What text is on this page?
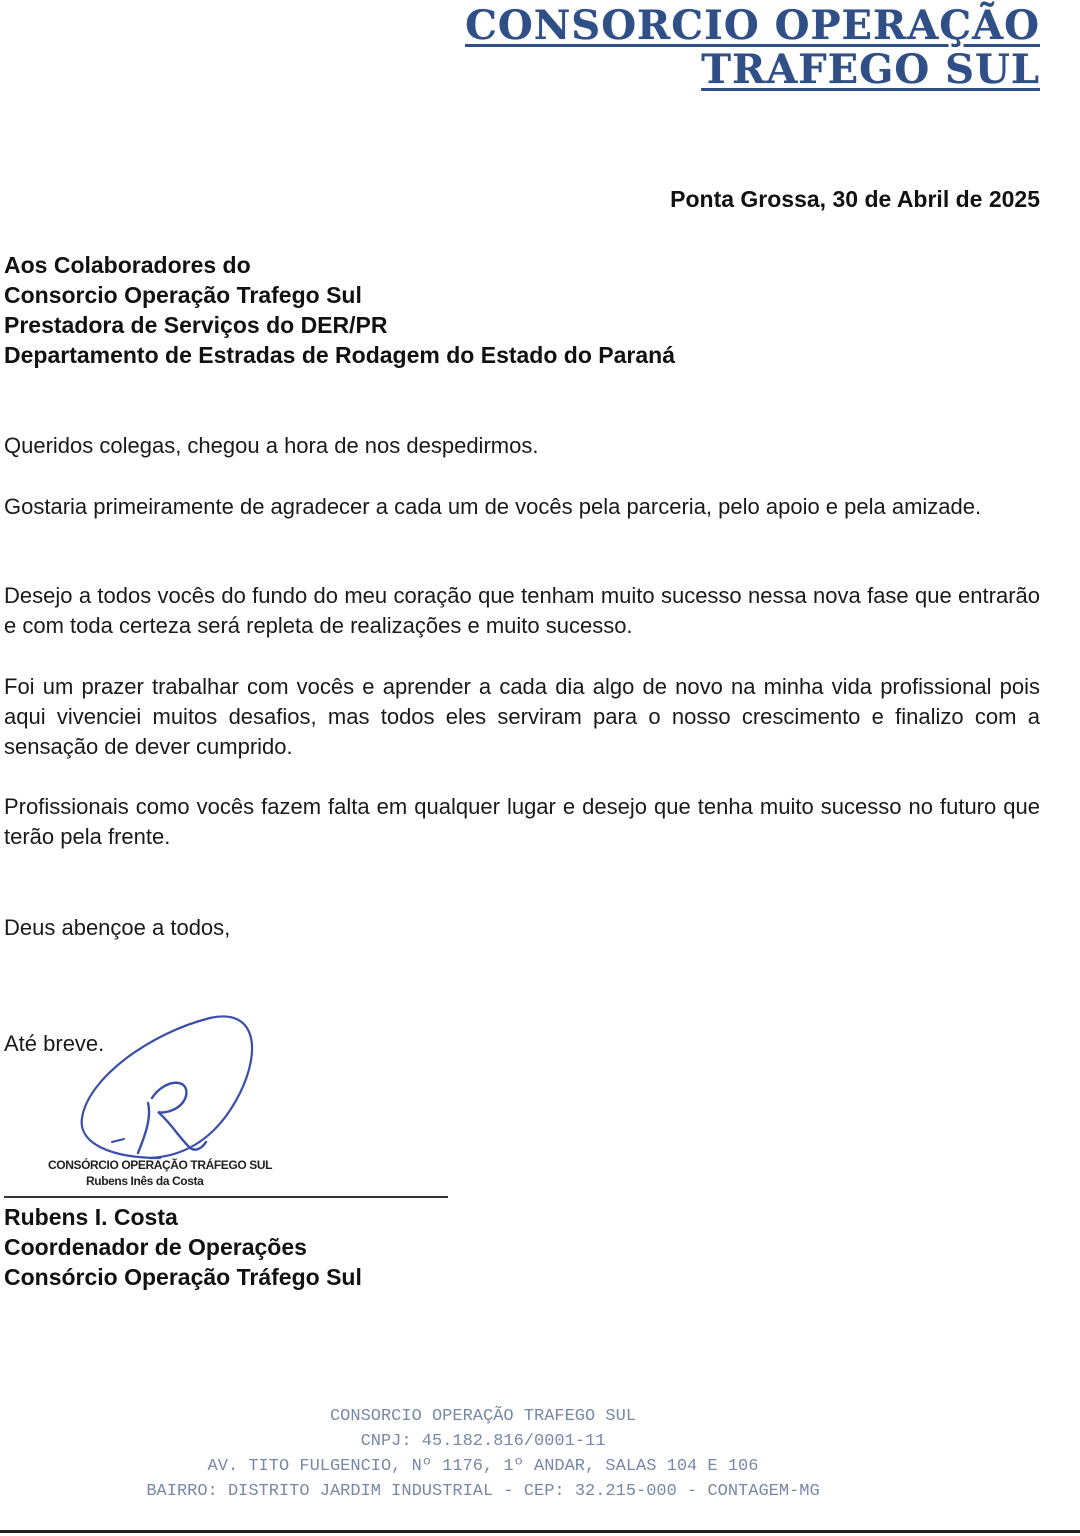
CONSORCIO OPERAÇÃO
TRAFEGO SUL
Ponta Grossa, 30 de Abril de 2025
Aos Colaboradores do
Consorcio Operação Trafego Sul
Prestadora de Serviços do DER/PR
Departamento de Estradas de Rodagem do Estado do Paraná

Queridos colegas, chegou a hora de nos despedirmos.

Gostaria primeiramente de agradecer a cada um de vocês pela parceria, pelo apoio e pela amizade.

Desejo a todos vocês do fundo do meu coração que tenham muito sucesso nessa nova fase que entrarão e com toda certeza será repleta de realizações e muito sucesso.

Foi um prazer trabalhar com vocês e aprender a cada dia algo de novo na minha vida profissional pois aqui vivenciei muitos desafios, mas todos eles serviram para o nosso crescimento e finalizo com a sensação de dever cumprido.

Profissionais como vocês fazem falta em qualquer lugar e desejo que tenha muito sucesso no futuro que terão pela frente.

Deus abençoe a todos,
Até breve.
CONSÓRCIO OPERAÇÃO TRÁFEGO SUL
Rubens Inês da Costa
Rubens I. Costa
Coordenador de Operações
Consórcio Operação Tráfego Sul
CONSORCIO OPERAÇÃO TRAFEGO SUL
CNPJ: 45.182.816/0001-11
AV. TITO FULGENCIO, Nº 1176, 1º ANDAR, SALAS 104 E 106
BAIRRO: DISTRITO JARDIM INDUSTRIAL - CEP: 32.215-000 - CONTAGEM-MG
